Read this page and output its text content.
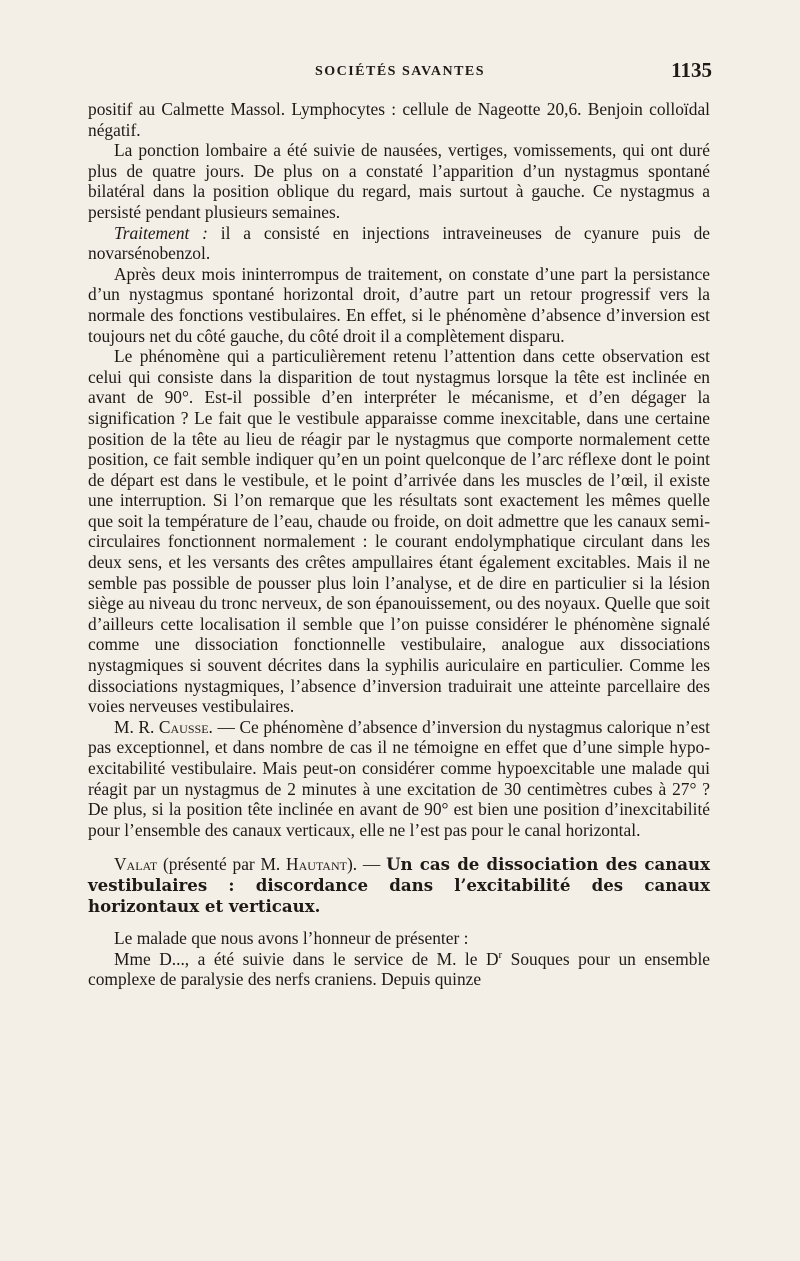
SOCIÉTÉS SAVANTES	1135

positif au Calmette Massol. Lymphocytes : cellule de Nageotte 20,6. Benjoin colloïdal négatif.

La ponction lombaire a été suivie de nausées, vertiges, vomissements, qui ont duré plus de quatre jours. De plus on a constaté l’apparition d’un nystagmus spontané bilatéral dans la position oblique du regard, mais surtout à gauche. Ce nystagmus a persisté pendant plusieurs semaines.

Traitement : il a consisté en injections intraveineuses de cyanure puis de novarsénobenzol.

Après deux mois ininterrompus de traitement, on constate d’une part la persistance d’un nystagmus spontané horizontal droit, d’autre part un retour progressif vers la normale des fonctions vestibulaires. En effet, si le phénomène d’absence d’inversion est toujours net du côté gauche, du côté droit il a complètement disparu.

Le phénomène qui a particulièrement retenu l’attention dans cette observation est celui qui consiste dans la disparition de tout nystagmus lorsque la tête est inclinée en avant de 90°. Est-il possible d’en interpréter le mécanisme, et d’en dégager la signification ? Le fait que le vestibule apparaisse comme inexcitable, dans une certaine position de la tête au lieu de réagir par le nystagmus que comporte normalement cette position, ce fait semble indiquer qu’en un point quelconque de l’arc réflexe dont le point de départ est dans le vestibule, et le point d’arrivée dans les muscles de l’œil, il existe une interruption. Si l’on remarque que les résultats sont exactement les mêmes quelle que soit la température de l’eau, chaude ou froide, on doit admettre que les canaux semi-circulaires fonctionnent normalement : le courant endolymphatique circulant dans les deux sens, et les versants des crêtes ampullaires étant également excitables. Mais il ne semble pas possible de pousser plus loin l’analyse, et de dire en particulier si la lésion siège au niveau du tronc nerveux, de son épanouissement, ou des noyaux. Quelle que soit d’ailleurs cette localisation il semble que l’on puisse considérer le phénomène signalé comme une dissociation fonctionnelle vestibulaire, analogue aux dissociations nystagmiques si souvent décrites dans la syphilis auriculaire en particulier. Comme les dissociations nystagmiques, l’absence d’inversion traduirait une atteinte parcellaire des voies nerveuses vestibulaires.

M. R. Causse. — Ce phénomène d’absence d’inversion du nystagmus calorique n’est pas exceptionnel, et dans nombre de cas il ne témoigne en effet que d’une simple hypo-excitabilité vestibulaire. Mais peut-on considérer comme hypoexcitable une malade qui réagit par un nystagmus de 2 minutes à une excitation de 30 centimètres cubes à 27° ? De plus, si la position tête inclinée en avant de 90° est bien une position d’inexcitabilité pour l’ensemble des canaux verticaux, elle ne l’est pas pour le canal horizontal.

Valat (présenté par M. Hautant). — Un cas de dissociation des canaux vestibulaires : discordance dans l’excitabilité des canaux horizontaux et verticaux.

Le malade que nous avons l’honneur de présenter :

Mme D..., a été suivie dans le service de M. le $D^r$ Souques pour un ensemble complexe de paralysie des nerfs craniens. Depuis quinze
